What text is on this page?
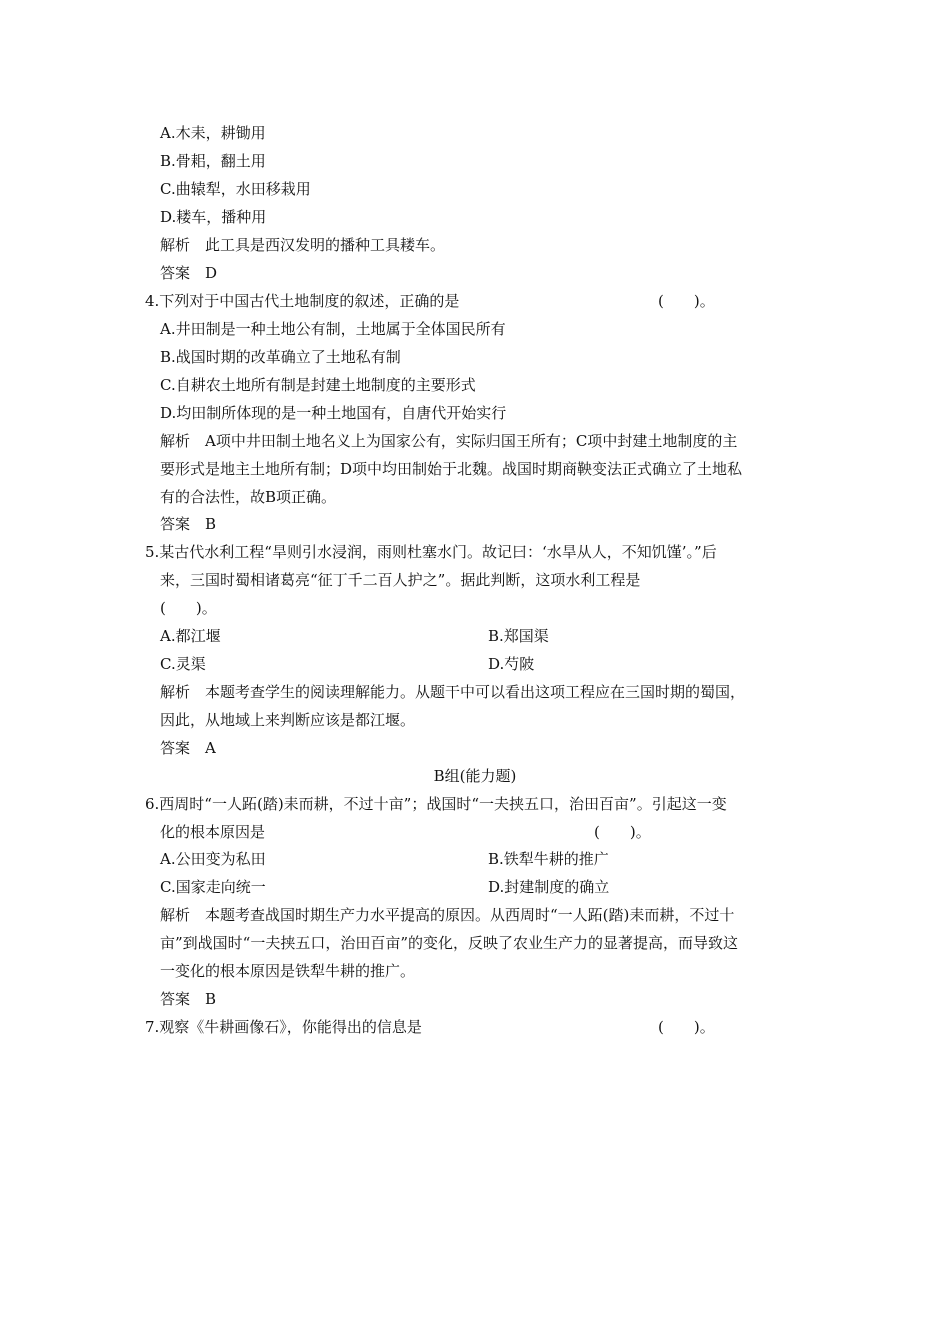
A.木耒，耕锄用
B.骨耜，翻土用
C.曲辕犁，水田移栽用
D.耧车，播种用
解析　此工具是西汉发明的播种工具耧车。
答案　D
4.下列对于中国古代土地制度的叙述，正确的是	(　　)。
A.井田制是一种土地公有制，土地属于全体国民所有
B.战国时期的改革确立了土地私有制
C.自耕农土地所有制是封建土地制度的主要形式
D.均田制所体现的是一种土地国有，自唐代开始实行
解析　A项中井田制土地名义上为国家公有，实际归国王所有；C项中封建土地制度的主
要形式是地主土地所有制；D项中均田制始于北魏。战国时期商鞅变法正式确立了土地私
有的合法性，故B项正确。
答案　B
5.某古代水利工程“旱则引水浸润，雨则杜塞水门。故记曰：‘水旱从人，不知饥馑’。”后
来，三国时蜀相诸葛亮“征丁千二百人护之”。据此判断，这项水利工程是
(　　)。
A.都江堰	B.郑国渠
C.灵渠	D.芍陂
解析　本题考查学生的阅读理解能力。从题干中可以看出这项工程应在三国时期的蜀国，
因此，从地域上来判断应该是都江堰。
答案　A
B组(能力题)
6.西周时“一人跖(踏)耒而耕，不过十亩”；战国时“一夫挟五口，治田百亩”。引起这一变
化的根本原因是	(　　)。
A.公田变为私田	B.铁犁牛耕的推广
C.国家走向统一	D.封建制度的确立
解析　本题考查战国时期生产力水平提高的原因。从西周时“一人跖(踏)耒而耕，不过十
亩”到战国时“一夫挟五口，治田百亩”的变化，反映了农业生产力的显著提高，而导致这
一变化的根本原因是铁犁牛耕的推广。
答案　B
7.观察《牛耕画像石》，你能得出的信息是	(　　)。
